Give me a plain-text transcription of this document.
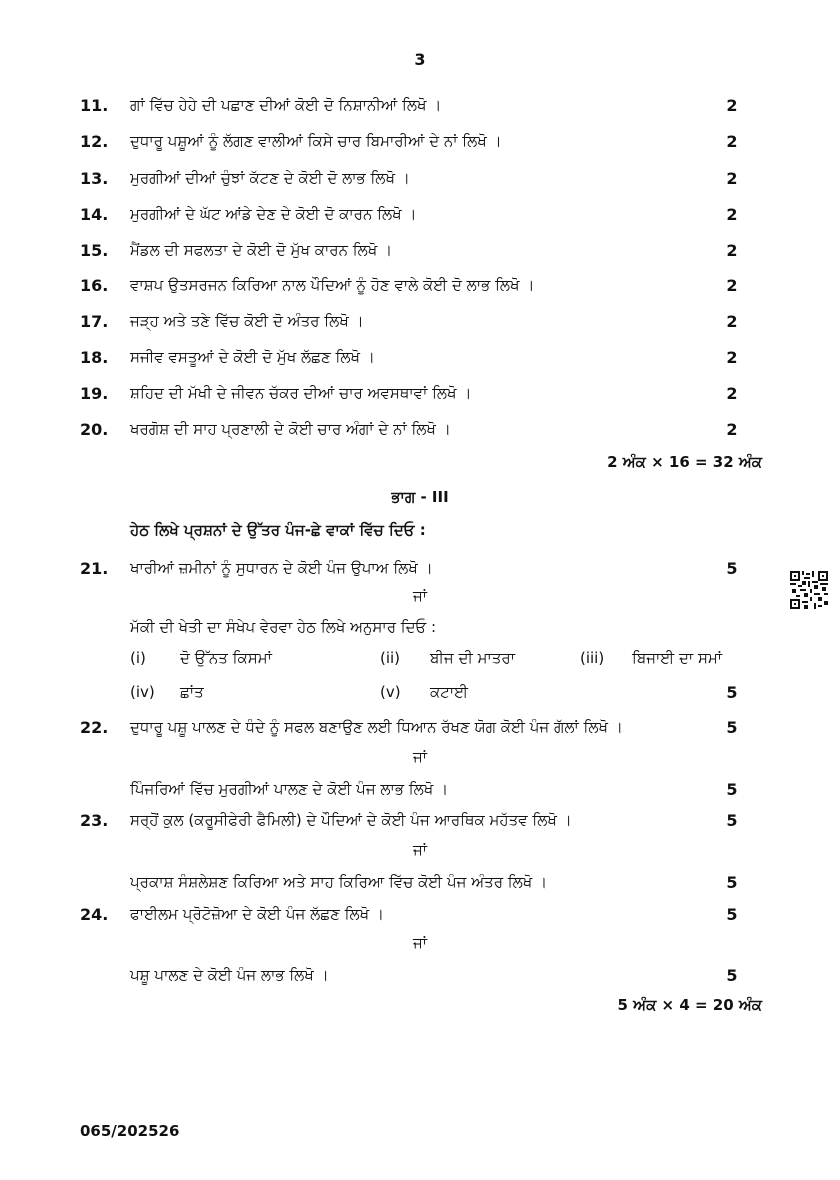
3
11.	ਗਾਂ ਵਿੱਚ ਹੇਹੇ ਦੀ ਪਛਾਣ ਦੀਆਂ ਕੋਈ ਦੋ ਨਿਸ਼ਾਨੀਆਂ ਲਿਖੋ ।	2
12.	ਦੁਧਾਰੂ ਪਸ਼ੂਆਂ ਨੂੰ ਲੱਗਣ ਵਾਲੀਆਂ ਕਿਸੇ ਚਾਰ ਬਿਮਾਰੀਆਂ ਦੇ ਨਾਂ ਲਿਖੋ ।	2
13.	ਮੁਰਗੀਆਂ ਦੀਆਂ ਚੁੰਝਾਂ ਕੱਟਣ ਦੇ ਕੋਈ ਦੋ ਲਾਭ ਲਿਖੋ ।	2
14.	ਮੁਰਗੀਆਂ ਦੇ ਘੱਟ ਆਂਡੇ ਦੇਣ ਦੇ ਕੋਈ ਦੋ ਕਾਰਨ ਲਿਖੋ ।	2
15.	ਮੈਂਡਲ ਦੀ ਸਫਲਤਾ ਦੇ ਕੋਈ ਦੋ ਮੁੱਖ ਕਾਰਨ ਲਿਖੋ ।	2
16.	ਵਾਸ਼ਪ ਉਤਸਰਜਨ ਕਿਰਿਆ ਨਾਲ ਪੌਦਿਆਂ ਨੂੰ ਹੋਣ ਵਾਲੇ ਕੋਈ ਦੋ ਲਾਭ ਲਿਖੋ ।	2
17.	ਜੜ੍ਹ ਅਤੇ ਤਣੇ ਵਿੱਚ ਕੋਈ ਦੋ ਅੰਤਰ ਲਿਖੋ ।	2
18.	ਸਜੀਵ ਵਸਤੂਆਂ ਦੇ ਕੋਈ ਦੋ ਮੁੱਖ ਲੱਛਣ ਲਿਖੋ ।	2
19.	ਸ਼ਹਿਦ ਦੀ ਮੱਖੀ ਦੇ ਜੀਵਨ ਚੱਕਰ ਦੀਆਂ ਚਾਰ ਅਵਸਥਾਵਾਂ ਲਿਖੋ ।	2
20.	ਖਰਗੋਸ਼ ਦੀ ਸਾਹ ਪ੍ਰਣਾਲੀ ਦੇ ਕੋਈ ਚਾਰ ਅੰਗਾਂ ਦੇ ਨਾਂ ਲਿਖੋ ।	2
2 ਅੰਕ × 16 = 32 ਅੰਕ
ਭਾਗ - III
ਹੇਠ ਲਿਖੇ ਪ੍ਰਸ਼ਨਾਂ ਦੇ ਉੱਤਰ ਪੰਜ-ਛੇ ਵਾਕਾਂ ਵਿੱਚ ਦਿਓ :
21.	ਖਾਰੀਆਂ ਜ਼ਮੀਨਾਂ ਨੂੰ ਸੁਧਾਰਨ ਦੇ ਕੋਈ ਪੰਜ ਉਪਾਅ ਲਿਖੋ ।	5
ਜਾਂ
ਮੱਕੀ ਦੀ ਖੇਤੀ ਦਾ ਸੰਖੇਪ ਵੇਰਵਾ ਹੇਠ ਲਿਖੇ ਅਨੁਸਾਰ ਦਿਓ :
(i) ਦੋ ਉੱਨਤ ਕਿਸਮਾਂ	(ii) ਬੀਜ ਦੀ ਮਾਤਰਾ	(iii) ਬਿਜਾਈ ਦਾ ਸਮਾਂ
(iv) ਛਾਂਤ	(v) ਕਟਾਈ	5
22.	ਦੁਧਾਰੂ ਪਸ਼ੂ ਪਾਲਣ ਦੇ ਧੰਦੇ ਨੂੰ ਸਫਲ ਬਣਾਉਣ ਲਈ ਧਿਆਨ ਰੱਖਣ ਯੋਗ ਕੋਈ ਪੰਜ ਗੱਲਾਂ ਲਿਖੋ ।	5
ਜਾਂ
ਪਿੰਜਰਿਆਂ ਵਿੱਚ ਮੁਰਗੀਆਂ ਪਾਲਣ ਦੇ ਕੋਈ ਪੰਜ ਲਾਭ ਲਿਖੋ ।	5
23.	ਸਰ੍ਹੋਂ ਕੁਲ (ਕਰੂਸੀਫੇਰੀ ਫੈਮਿਲੀ) ਦੇ ਪੌਦਿਆਂ ਦੇ ਕੋਈ ਪੰਜ ਆਰਥਿਕ ਮਹੱਤਵ ਲਿਖੋ ।	5
ਜਾਂ
ਪ੍ਰਕਾਸ਼ ਸੰਸ਼ਲੇਸ਼ਣ ਕਿਰਿਆ ਅਤੇ ਸਾਹ ਕਿਰਿਆ ਵਿੱਚ ਕੋਈ ਪੰਜ ਅੰਤਰ ਲਿਖੋ ।	5
24.	ਫਾਈਲਮ ਪ੍ਰੋਟੋਜ਼ੋਆ ਦੇ ਕੋਈ ਪੰਜ ਲੱਛਣ ਲਿਖੋ ।	5
ਜਾਂ
ਪਸ਼ੂ ਪਾਲਣ ਦੇ ਕੋਈ ਪੰਜ ਲਾਭ ਲਿਖੋ ।	5
5 ਅੰਕ × 4 = 20 ਅੰਕ
065/202526
